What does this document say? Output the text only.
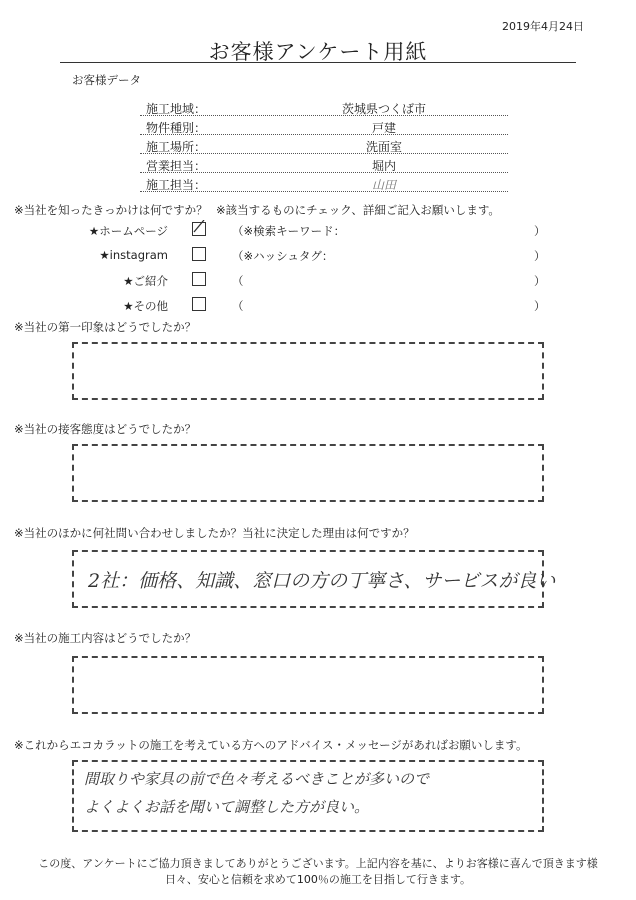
2019年4月24日
お客様アンケート用紙
お客様データ
施工地域：	茨城県つくば市
物件種別：	戸建
施工場所：	洗面室
営業担当：	堀内
施工担当：	山田
※当社を知ったきっかけは何ですか？ ※該当するものにチェック、詳細ご記入お願いします。
★ホームページ	（※検索キーワード：	）
★instagram	（※ハッシュタグ：	）
★ご紹介	（	）
★その他	（	）
※当社の第一印象はどうでしたか？
※当社の接客態度はどうでしたか？
※当社のほかに何社問い合わせしましたか？当社に決定した理由は何ですか？
2社：価格、知識、窓口の方の丁寧さ、サービスが良い
※当社の施工内容はどうでしたか？
※これからエコカラットの施工を考えている方へのアドバイス・メッセージがあればお願いします。
間取りや家具の前で色々考えるべきことが多いので
よくよくお話を聞いて調整した方が良い。
この度、アンケートにご協力頂きましてありがとうございます。上記内容を基に、よりお客様に喜んで頂きます様
日々、安心と信頼を求めて100％の施工を目指して行きます。
